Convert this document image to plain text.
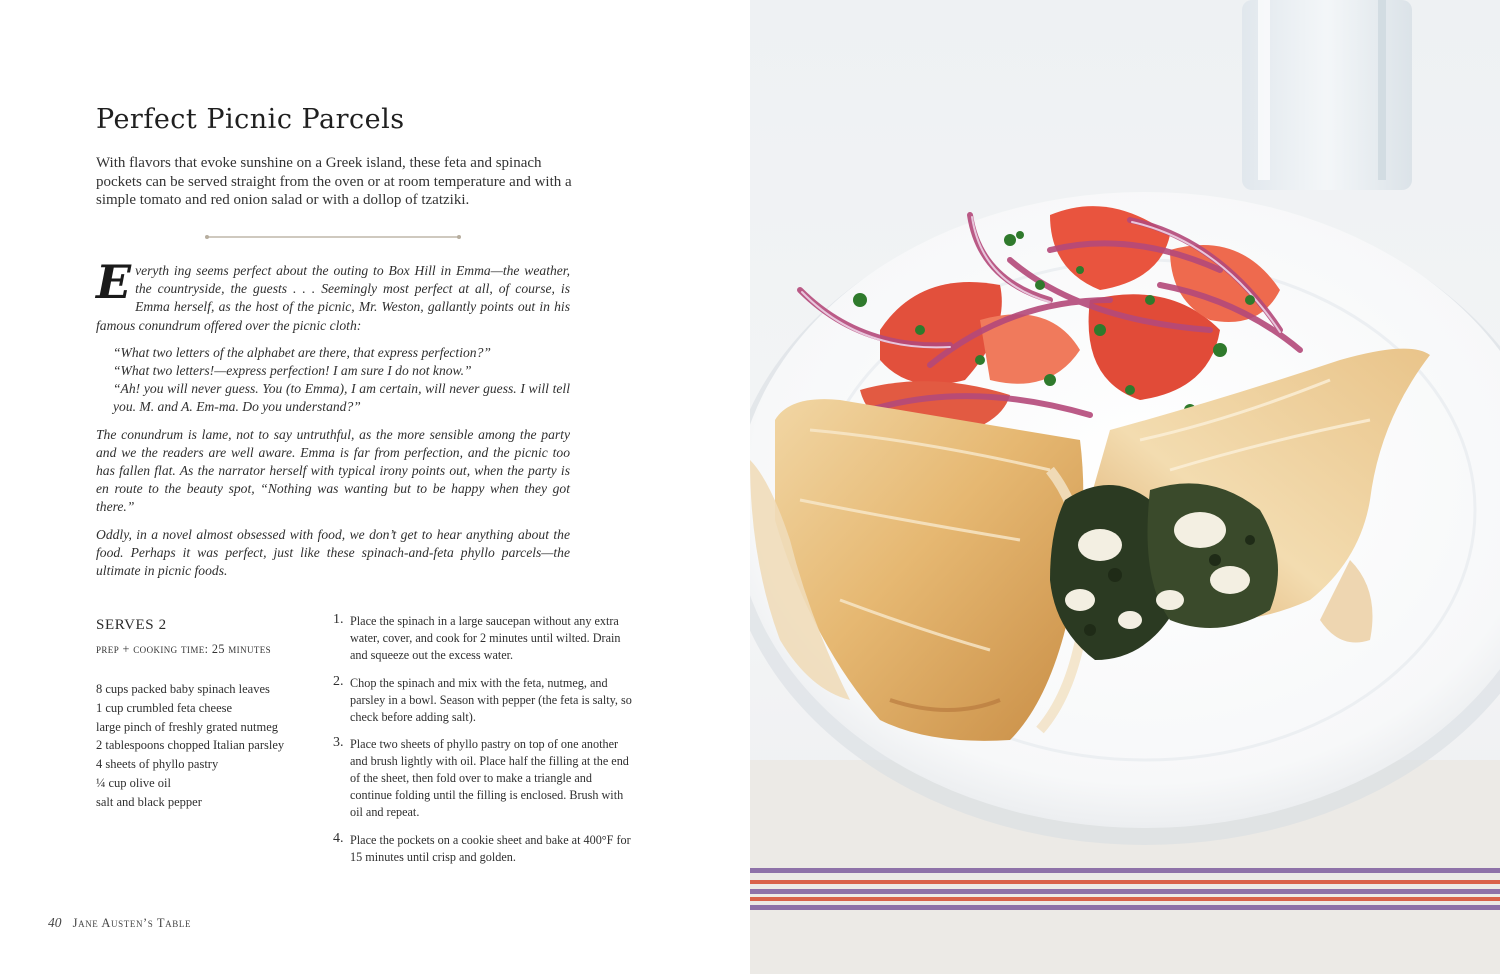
Perfect Picnic Parcels
With flavors that evoke sunshine on a Greek island, these feta and spinach pockets can be served straight from the oven or at room temperature and with a simple tomato and red onion salad or with a dollop of tzatziki.

Everyth ing seems perfect about the outing to Box Hill in Emma—the weather, the countryside, the guests . . . Seemingly most perfect at all, of course, is Emma herself, as the host of the picnic, Mr. Weston, gallantly points out in his famous conundrum offered over the picnic cloth:

“What two letters of the alphabet are there, that express perfection?”
“What two letters!—express perfection! I am sure I do not know.”
“Ah! you will never guess. You (to Emma), I am certain, will never guess. I will tell you. M. and A. Em-ma. Do you understand?”

The conundrum is lame, not to say untruthful, as the more sensible among the party and we the readers are well aware. Emma is far from perfection, and the picnic too has fallen flat. As the narrator herself with typical irony points out, when the party is en route to the beauty spot, “Nothing was wanting but to be happy when they got there.”

Oddly, in a novel almost obsessed with food, we don’t get to hear anything about the food. Perhaps it was perfect, just like these spinach-and-feta phyllo parcels—the ultimate in picnic foods.

SERVES 2
prep + cooking time: 25 minutes
8 cups packed baby spinach leaves
1 cup crumbled feta cheese
large pinch of freshly grated nutmeg
2 tablespoons chopped Italian parsley
4 sheets of phyllo pastry
¼ cup olive oil
salt and black pepper
1. Place the spinach in a large saucepan without any extra water, cover, and cook for 2 minutes until wilted. Drain and squeeze out the excess water.
2. Chop the spinach and mix with the feta, nutmeg, and parsley in a bowl. Season with pepper (the feta is salty, so check before adding salt).
3. Place two sheets of phyllo pastry on top of one another and brush lightly with oil. Place half the filling at the end of the sheet, then fold over to make a triangle and continue folding until the filling is enclosed. Brush with oil and repeat.
4. Place the pockets on a cookie sheet and bake at 400°F for 15 minutes until crisp and golden.
40 Jane Austen’s Table
